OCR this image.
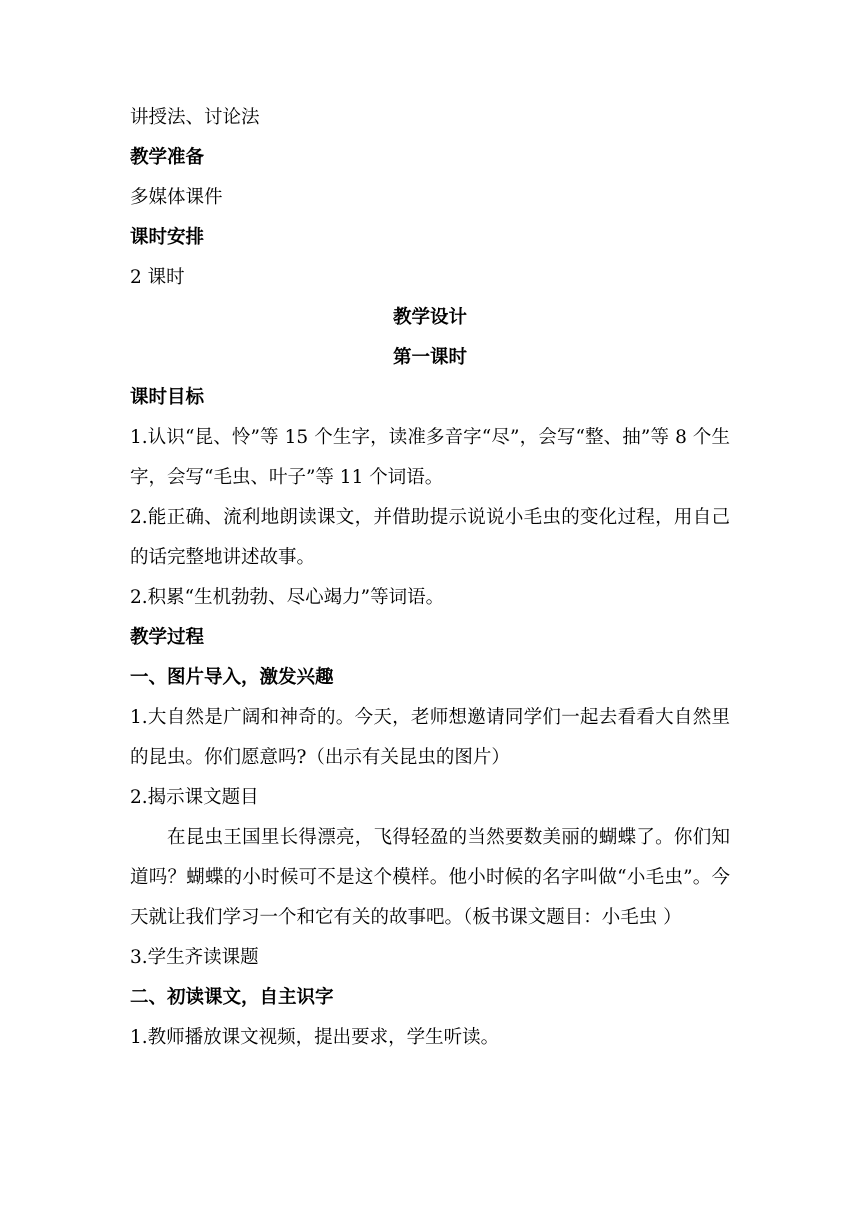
讲授法、讨论法
教学准备
多媒体课件
课时安排
2 课时
教学设计
第一课时
课时目标
1.认识“昆、怜”等 15 个生字，读准多音字“尽”，会写“整、抽”等 8 个生字，会写“毛虫、叶子”等 11 个词语。
2.能正确、流利地朗读课文，并借助提示说说小毛虫的变化过程，用自己的话完整地讲述故事。
2.积累“生机勃勃、尽心竭力”等词语。
教学过程
一、图片导入，激发兴趣
1.大自然是广阔和神奇的。今天，老师想邀请同学们一起去看看大自然里的昆虫。你们愿意吗?（出示有关昆虫的图片）
2.揭示课文题目
在昆虫王国里长得漂亮，飞得轻盈的当然要数美丽的蝴蝶了。你们知道吗？蝴蝶的小时候可不是这个模样。他小时候的名字叫做“小毛虫”。今天就让我们学习一个和它有关的故事吧。（板书课文题目：小毛虫 ）
3.学生齐读课题
二、初读课文，自主识字
1.教师播放课文视频，提出要求，学生听读。
